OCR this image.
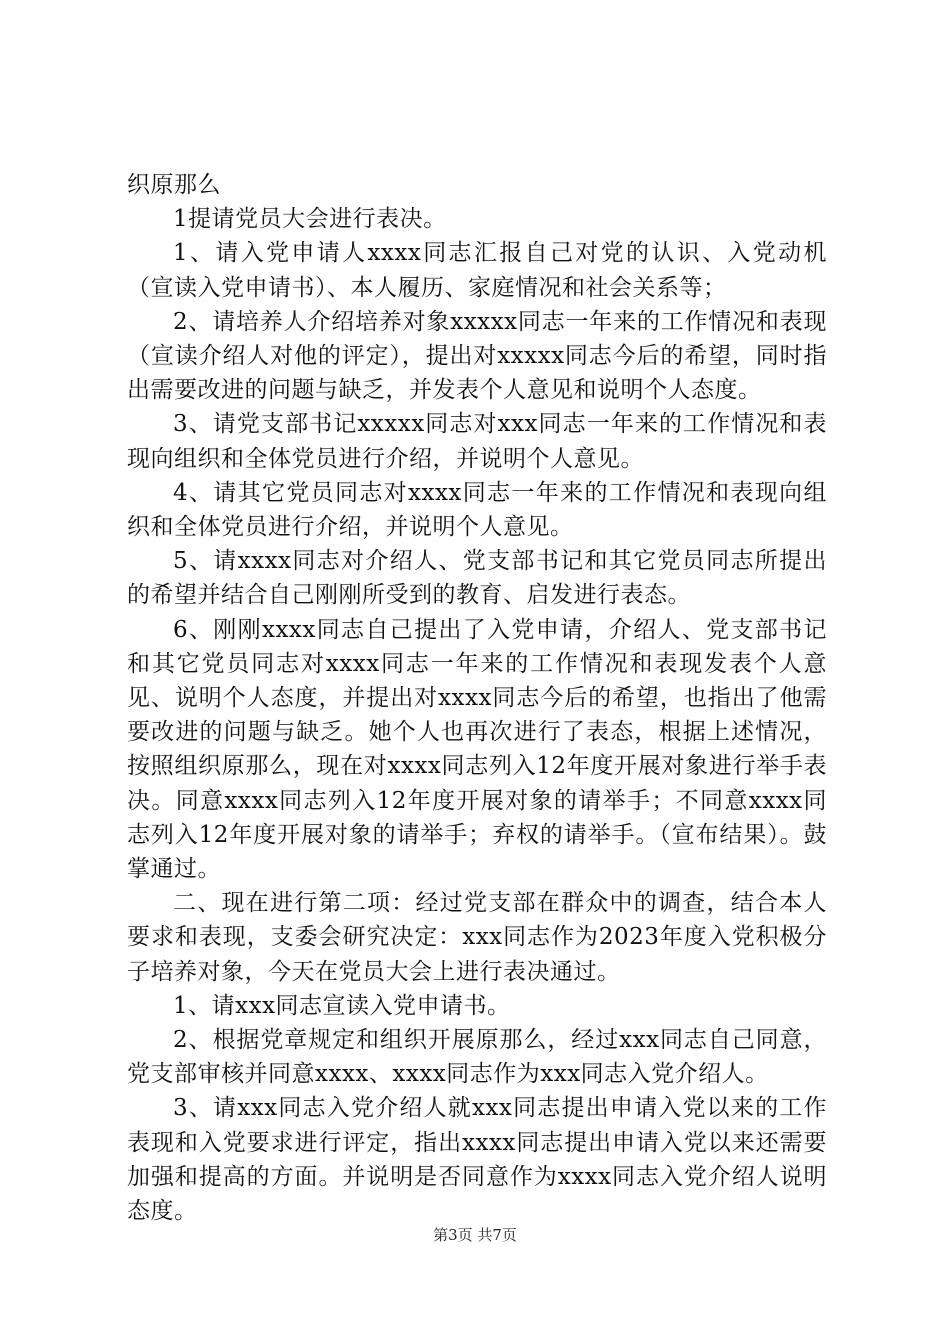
织原那么

1提请党员大会进行表决。

1、请入党申请人xxxx同志汇报自己对党的认识、入党动机（宣读入党申请书）、本人履历、家庭情况和社会关系等；

2、请培养人介绍培养对象xxxxx同志一年来的工作情况和表现（宣读介绍人对他的评定），提出对xxxxx同志今后的希望，同时指出需要改进的问题与缺乏，并发表个人意见和说明个人态度。

3、请党支部书记xxxxx同志对xxx同志一年来的工作情况和表现向组织和全体党员进行介绍，并说明个人意见。

4、请其它党员同志对xxxx同志一年来的工作情况和表现向组织和全体党员进行介绍，并说明个人意见。

5、请xxxx同志对介绍人、党支部书记和其它党员同志所提出的希望并结合自己刚刚所受到的教育、启发进行表态。

6、刚刚xxxx同志自己提出了入党申请，介绍人、党支部书记和其它党员同志对xxxx同志一年来的工作情况和表现发表个人意见、说明个人态度，并提出对xxxx同志今后的希望，也指出了他需要改进的问题与缺乏。她个人也再次进行了表态，根据上述情况，按照组织原那么，现在对xxxx同志列入12年度开展对象进行举手表决。同意xxxx同志列入12年度开展对象的请举手；不同意xxxx同志列入12年度开展对象的请举手；弃权的请举手。（宣布结果）。鼓掌通过。

二、现在进行第二项：经过党支部在群众中的调查，结合本人要求和表现，支委会研究决定：xxx同志作为2023年度入党积极分子培养对象，今天在党员大会上进行表决通过。

1、请xxx同志宣读入党申请书。

2、根据党章规定和组织开展原那么，经过xxx同志自己同意，党支部审核并同意xxxx、xxxx同志作为xxx同志入党介绍人。

3、请xxx同志入党介绍人就xxx同志提出申请入党以来的工作表现和入党要求进行评定，指出xxxx同志提出申请入党以来还需要加强和提高的方面。并说明是否同意作为xxxx同志入党介绍人说明态度。

第3页 共7页
